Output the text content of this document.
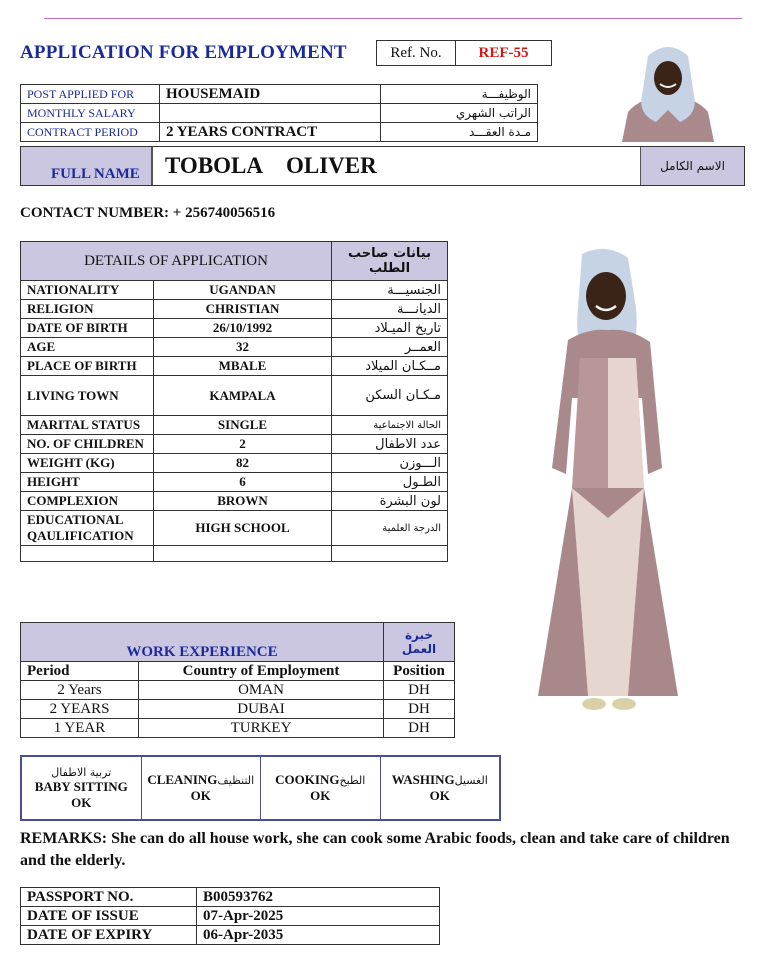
APPLICATION FOR EMPLOYMENT	Ref. No.	REF-55
POST APPLIED FOR	HOUSEMAID	الوظيفـــة
MONTHLY SALARY		الراتب الشهري
CONTRACT PERIOD	2 YEARS CONTRACT	مـدة العقـــد
FULL NAME TOBOLA OLIVER	الاسم الكامل
CONTACT NUMBER: + 256740056516
DETAILS OF APPLICATION		بيانات صاحب الطلب
NATIONALITY	UGANDAN	الجنسيـــة
RELIGION	CHRISTIAN	الديانـــة
DATE OF BIRTH	26/10/1992	تاريخ الميـلاد
AGE	32	العمــر
PLACE OF BIRTH	MBALE	مــكـان الميلاد
LIVING TOWN	KAMPALA	مـكـان السكن
MARITAL STATUS	SINGLE	الحالة الاجتماعية
NO. OF CHILDREN	2	عدد الاطفال
WEIGHT (KG)	82	الـــوزن
HEIGHT	6	الطـول
COMPLEXION	BROWN	لون البشرة
EDUCATIONAL QAULIFICATION	HIGH SCHOOL	الدرجة العلمية

WORK EXPERIENCE		خبرة العمل
Period	Country of Employment	Position
2 Years	OMAN	DH
2 YEARS	DUBAI	DH
1 YEAR	TURKEY	DH
تربية الاطفال
BABY SITTING
OK
CLEANINGالتنظيف
OK
COOKINGالطبخ
OK
WASHINGالغسيل
OK
REMARKS: She can do all house work, she can cook some Arabic foods, clean and take care of children and the elderly.
PASSPORT NO.	B00593762
DATE OF ISSUE	07-Apr-2025
DATE OF EXPIRY	06-Apr-2035
